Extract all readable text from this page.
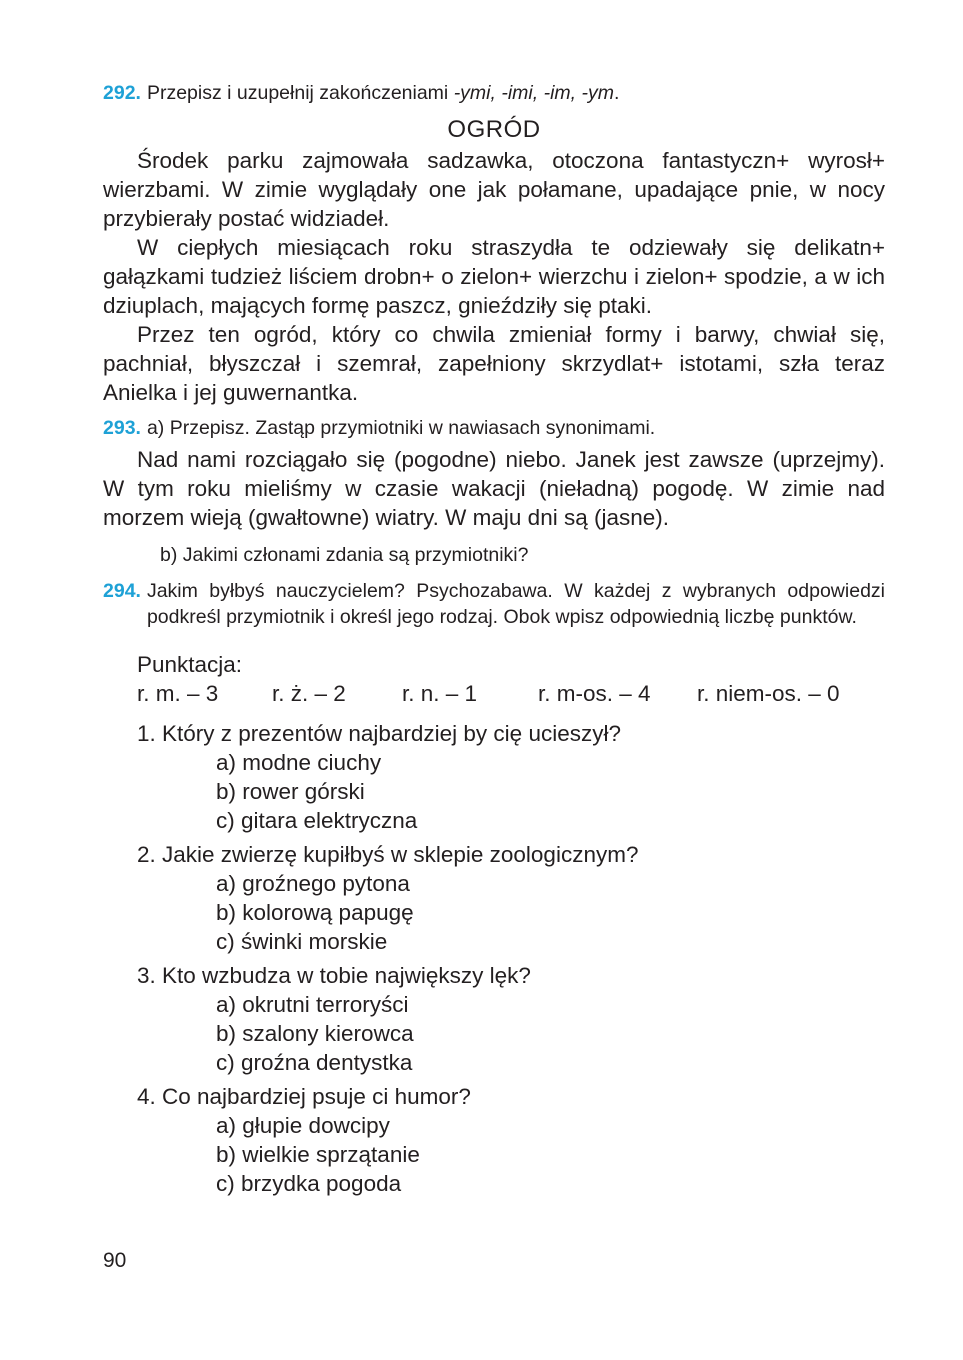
292. Przepisz i uzupełnij zakończeniami -ymi, -imi, -im, -ym.
OGRÓD

Środek parku zajmowała sadzawka, otoczona fantastyczn+ wyrosł+ wierzbami. W zimie wyglądały one jak połamane, upadające pnie, w nocy przybierały postać widziadeł.

W ciepłych miesiącach roku straszydła te odziewały się delikatn+ gałązkami tudzież liściem drobn+ o zielon+ wierzchu i zielon+ spodzie, a w ich dziuplach, mających formę paszcz, gnieździły się ptaki.

Przez ten ogród, który co chwila zmieniał formy i barwy, chwiał się, pachniał, błyszczał i szemrał, zapełniony skrzydlat+ istotami, szła teraz Anielka i jej guwernantka.

293. a) Przepisz. Zastąp przymiotniki w nawiasach synonimami.

Nad nami rozciągało się (pogodne) niebo. Janek jest zawsze (uprzejmy). W tym roku mieliśmy w czasie wakacji (nieładną) pogodę. W zimie nad morzem wieją (gwałtowne) wiatry. W maju dni są (jasne).

b) Jakimi członami zdania są przymiotniki?
294. Jakim byłbyś nauczycielem? Psychozabawa. W każdej z wybranych odpowiedzi podkreśl przymiotnik i określ jego rodzaj. Obok wpisz odpowiednią liczbę punktów.
Punktacja:
r. m. – 3	r. ż. – 2	r. n. – 1	r. m-os. – 4	r. niem-os. – 0
1. Który z prezentów najbardziej by cię ucieszył?
a) modne ciuchy
b) rower górski
c) gitara elektryczna
2. Jakie zwierzę kupiłbyś w sklepie zoologicznym?
a) groźnego pytona
b) kolorową papugę
c) świnki morskie
3. Kto wzbudza w tobie największy lęk?
a) okrutni terroryści
b) szalony kierowca
c) groźna dentystka
4. Co najbardziej psuje ci humor?
a) głupie dowcipy
b) wielkie sprzątanie
c) brzydka pogoda
90
